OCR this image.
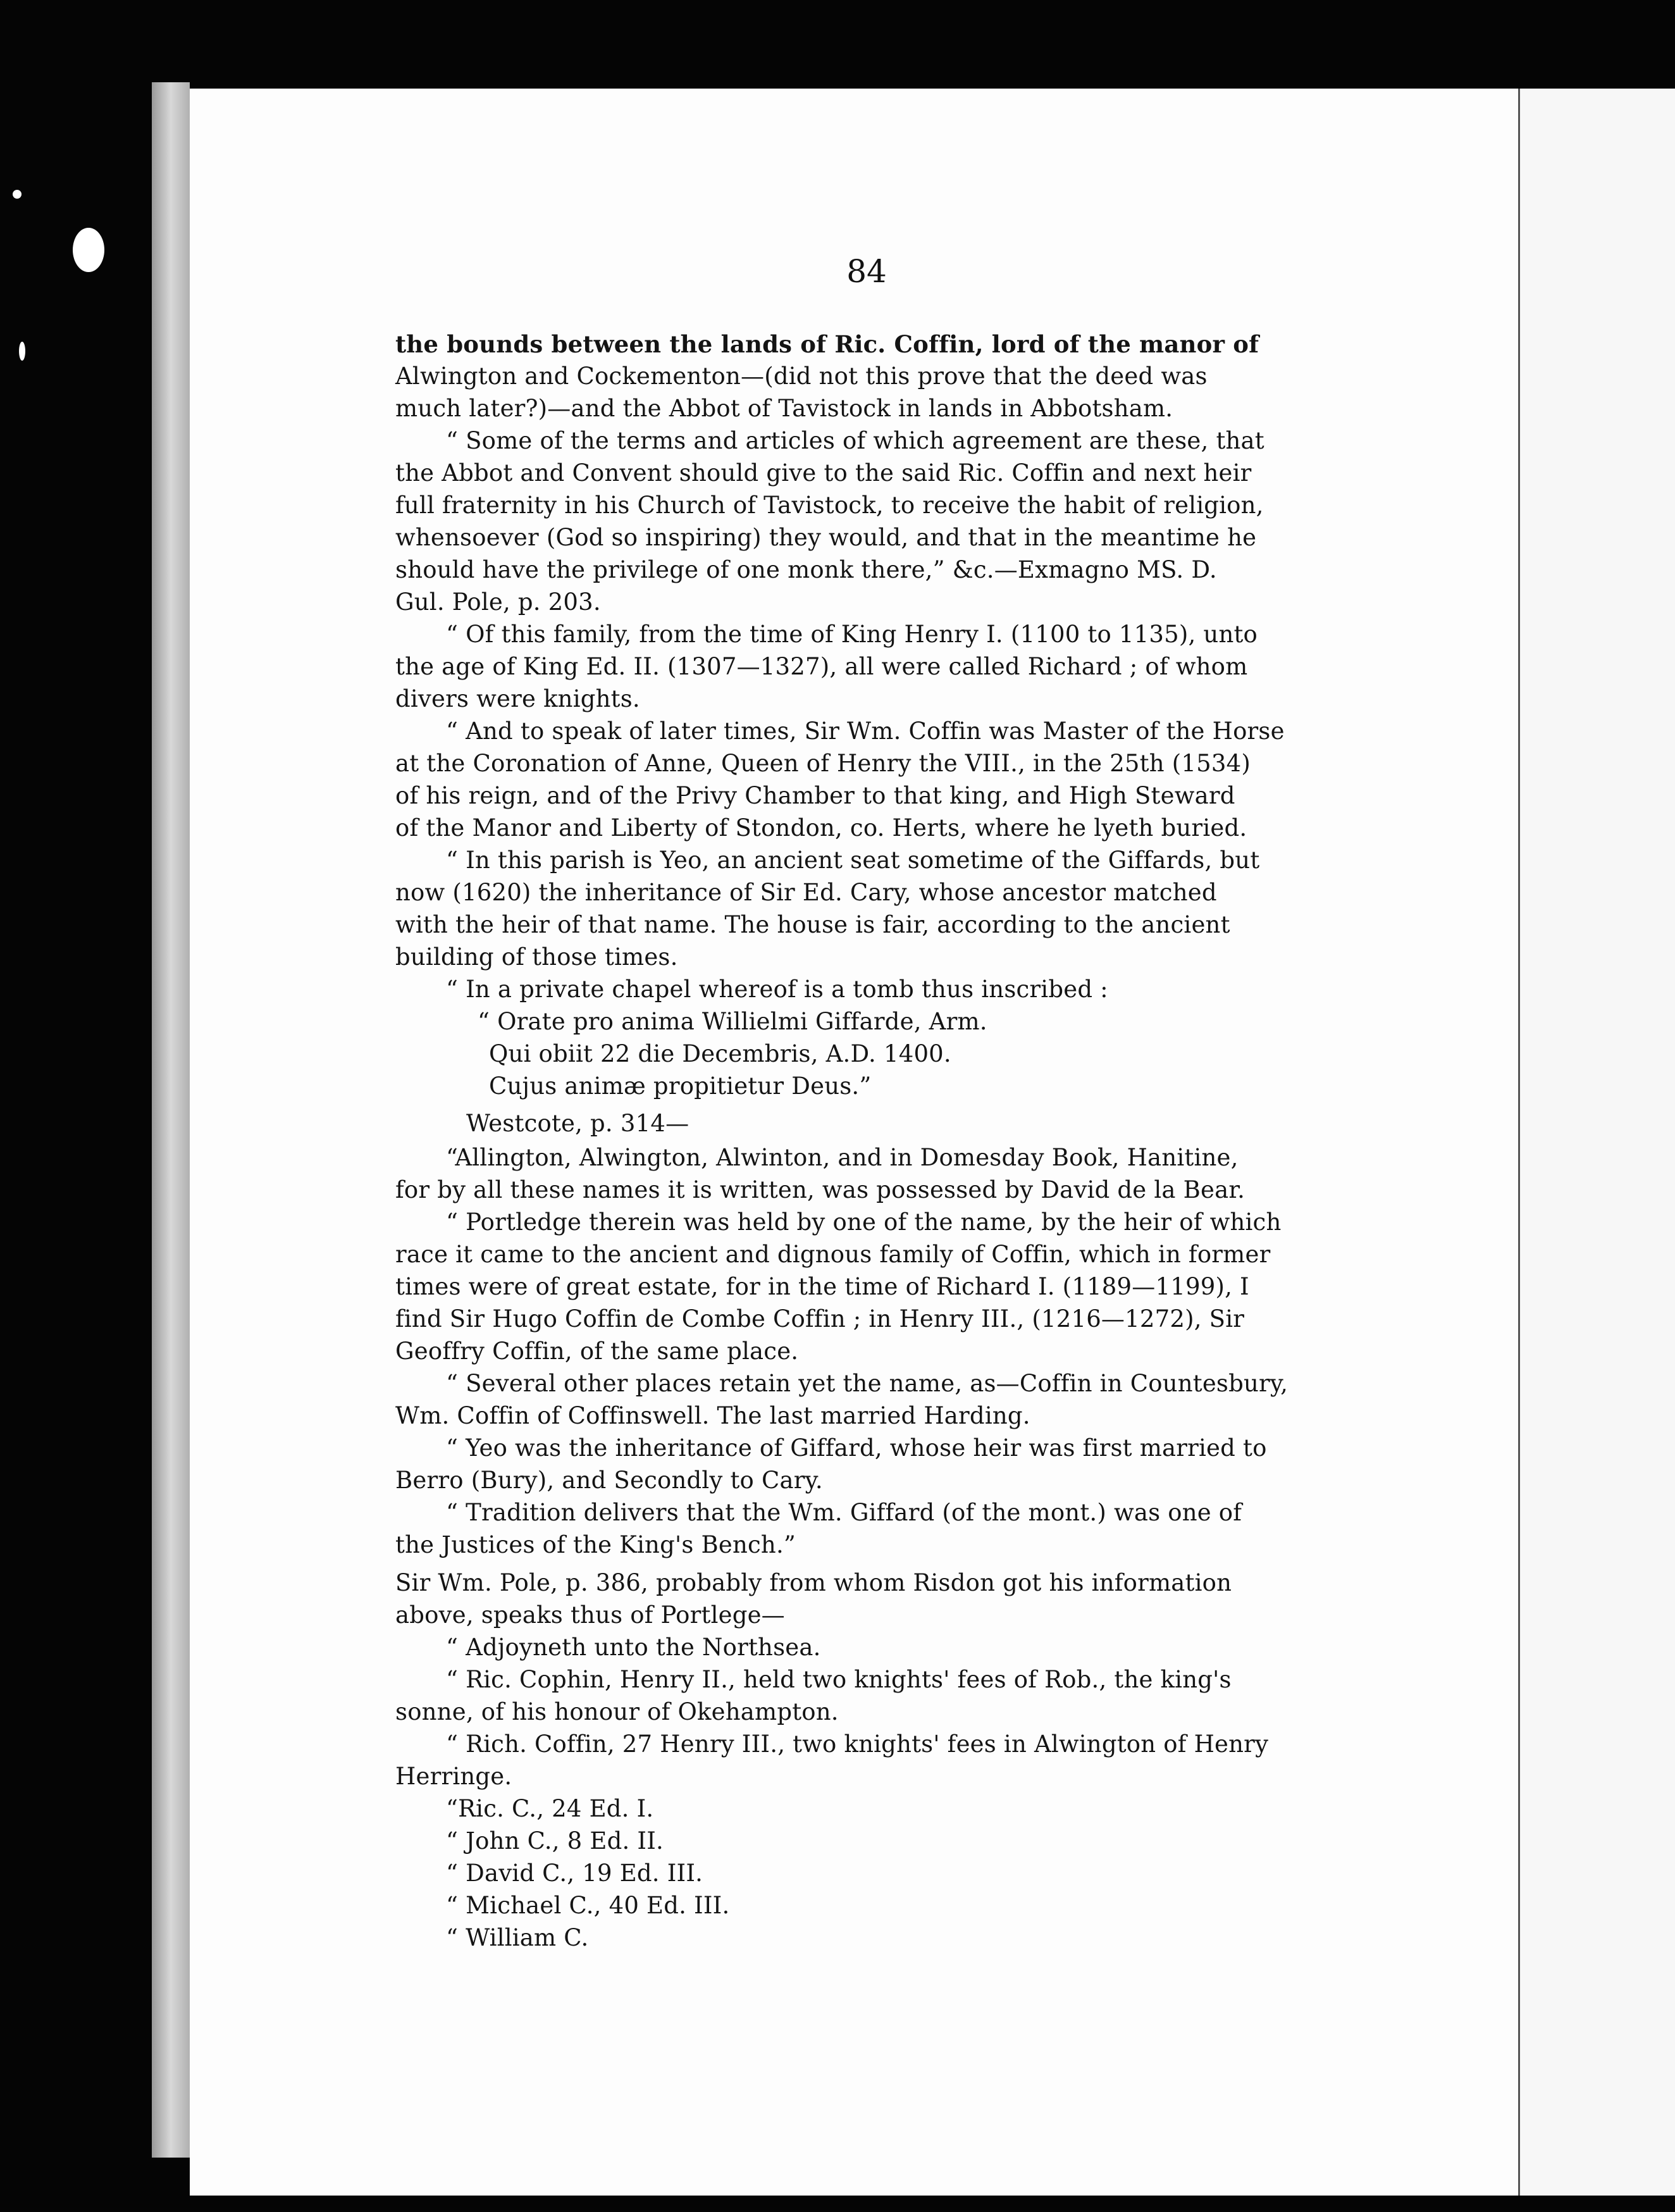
84
the bounds between the lands of Ric. Coffin, lord of the manor of
Alwington and Cockementon—(did not this prove that the deed was
much later?)—and the Abbot of Tavistock in lands in Abbotsham.
“ Some of the terms and articles of which agreement are these, that
the Abbot and Convent should give to the said Ric. Coffin and next heir
full fraternity in his Church of Tavistock, to receive the habit of religion,
whensoever (God so inspiring) they would, and that in the meantime he
should have the privilege of one monk there,” &c.—Exmagno MS. D.
Gul. Pole, p. 203.
“ Of this family, from the time of King Henry I. (1100 to 1135), unto
the age of King Ed. II. (1307—1327), all were called Richard ; of whom
divers were knights.
“ And to speak of later times, Sir Wm. Coffin was Master of the Horse
at the Coronation of Anne, Queen of Henry the VIII., in the 25th (1534)
of his reign, and of the Privy Chamber to that king, and High Steward
of the Manor and Liberty of Stondon, co. Herts, where he lyeth buried.
“ In this parish is Yeo, an ancient seat sometime of the Giffards, but
now (1620) the inheritance of Sir Ed. Cary, whose ancestor matched
with the heir of that name. The house is fair, according to the ancient
building of those times.
“ In a private chapel whereof is a tomb thus inscribed :
“ Orate pro anima Willielmi Giffarde, Arm.
Qui obiit 22 die Decembris, A.D. 1400.
Cujus animæ propitietur Deus.”
Westcote, p. 314—
“Allington, Alwington, Alwinton, and in Domesday Book, Hanitine,
for by all these names it is written, was possessed by David de la Bear.
“ Portledge therein was held by one of the name, by the heir of which
race it came to the ancient and dignous family of Coffin, which in former
times were of great estate, for in the time of Richard I. (1189—1199), I
find Sir Hugo Coffin de Combe Coffin ; in Henry III., (1216—1272), Sir
Geoffry Coffin, of the same place.
“ Several other places retain yet the name, as—Coffin in Countesbury,
Wm. Coffin of Coffinswell. The last married Harding.
“ Yeo was the inheritance of Giffard, whose heir was first married to
Berro (Bury), and Secondly to Cary.
“ Tradition delivers that the Wm. Giffard (of the mont.) was one of
the Justices of the King's Bench.”
Sir Wm. Pole, p. 386, probably from whom Risdon got his information
above, speaks thus of Portlege—
“ Adjoyneth unto the Northsea.
“ Ric. Cophin, Henry II., held two knights' fees of Rob., the king's
sonne, of his honour of Okehampton.
“ Rich. Coffin, 27 Henry III., two knights' fees in Alwington of Henry
Herringe.
“Ric. C., 24 Ed. I.
“ John C., 8 Ed. II.
“ David C., 19 Ed. III.
“ Michael C., 40 Ed. III.
“ William C.
